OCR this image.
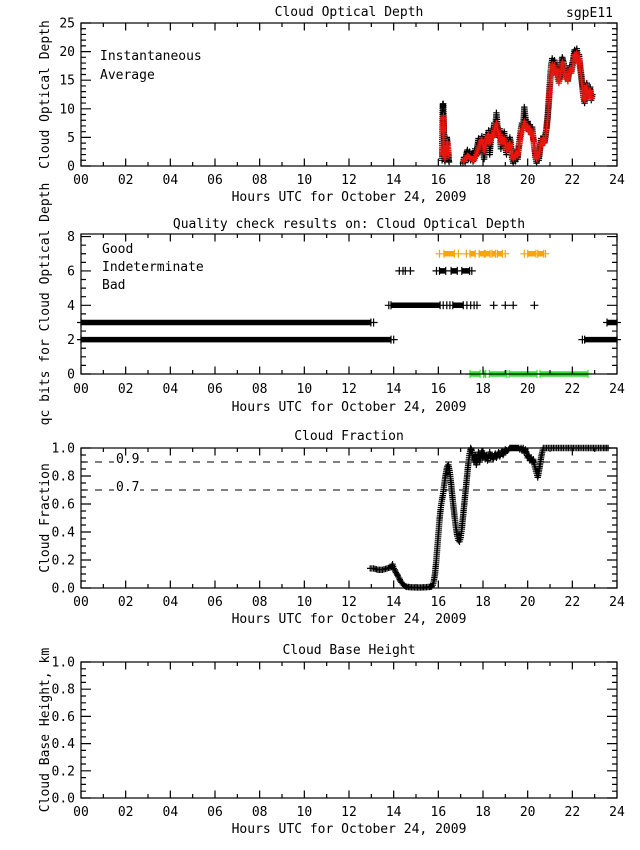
Cloud Optical Depth	sgpE11
Hours UTC for October 24, 2009
Cloud Optical Depth
00 02 04 06 08 10 12 14 16 18 20 22 24
0
5
10
15
20
25
Instantaneous
Average
Quality check results on: Cloud Optical Depth
Hours UTC for October 24, 2009
qc bits for Cloud Optical Depth 00 02 04 06 08 10 12 14 16 18 20 22 24
0
2
4
6
8
Good
Indeterminate
Bad
Cloud Fraction
Hours UTC for October 24, 2009
Cloud Fraction
0.9
0.7
00 02 04 06 08 10 12 14 16 18 20 22 24
0.0
0.2
0.4
0.6
0.8
1.0
Cloud Base Height
Hours UTC for October 24, 2009
Cloud Base Height, km
00 02 04 06 08 10 12 14 16 18 20 22 24
0.0
0.2
0.4
0.6
0.8
1.0
